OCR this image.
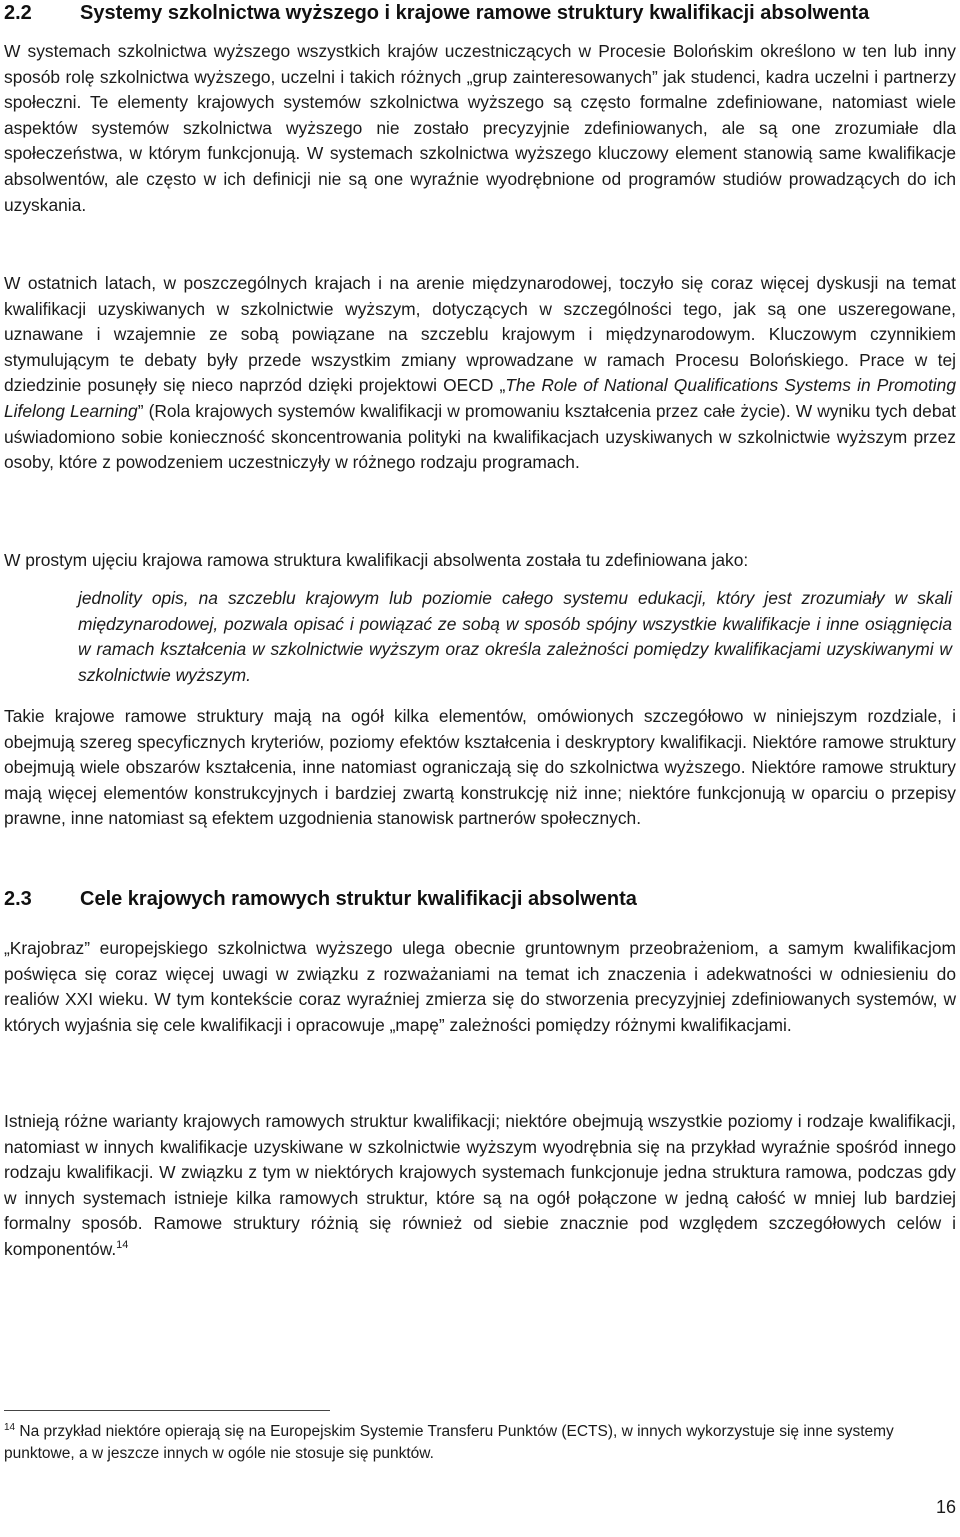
2.2	Systemy szkolnictwa wyższego i krajowe ramowe struktury kwalifikacji absolwenta

W systemach szkolnictwa wyższego wszystkich krajów uczestniczących w Procesie Bolońskim określono w ten lub inny sposób rolę szkolnictwa wyższego, uczelni i takich różnych „grup zainteresowanych” jak studenci, kadra uczelni i partnerzy społeczni. Te elementy krajowych systemów szkolnictwa wyższego są często formalne zdefiniowane, natomiast wiele aspektów systemów szkolnictwa wyższego nie zostało precyzyjnie zdefiniowanych, ale są one zrozumiałe dla społeczeństwa, w którym funkcjonują. W systemach szkolnictwa wyższego kluczowy element stanowią same kwalifikacje absolwentów, ale często w ich definicji nie są one wyraźnie wyodrębnione od programów studiów prowadzących do ich uzyskania.

W ostatnich latach, w poszczególnych krajach i na arenie międzynarodowej, toczyło się coraz więcej dyskusji na temat kwalifikacji uzyskiwanych w szkolnictwie wyższym, dotyczących w szczególności tego, jak są one uszeregowane, uznawane i wzajemnie ze sobą powiązane na szczeblu krajowym i międzynarodowym. Kluczowym czynnikiem stymulującym te debaty były przede wszystkim zmiany wprowadzane w ramach Procesu Bolońskiego. Prace w tej dziedzinie posunęły się nieco naprzód dzięki projektowi OECD „The Role of National Qualifications Systems in Promoting Lifelong Learning” (Rola krajowych systemów kwalifikacji w promowaniu kształcenia przez całe życie). W wyniku tych debat uświadomiono sobie konieczność skoncentrowania polityki na kwalifikacjach uzyskiwanych w szkolnictwie wyższym przez osoby, które z powodzeniem uczestniczyły w różnego rodzaju programach.

W prostym ujęciu krajowa ramowa struktura kwalifikacji absolwenta została tu zdefiniowana jako:

jednolity opis, na szczeblu krajowym lub poziomie całego systemu edukacji, który jest zrozumiały w skali międzynarodowej, pozwala opisać i powiązać ze sobą w sposób spójny wszystkie kwalifikacje i inne osiągnięcia w ramach kształcenia w szkolnictwie wyższym oraz określa zależności pomiędzy kwalifikacjami uzyskiwanymi w szkolnictwie wyższym.

Takie krajowe ramowe struktury mają na ogół kilka elementów, omówionych szczegółowo w niniejszym rozdziale, i obejmują szereg specyficznych kryteriów, poziomy efektów kształcenia i deskryptory kwalifikacji. Niektóre ramowe struktury obejmują wiele obszarów kształcenia, inne natomiast ograniczają się do szkolnictwa wyższego. Niektóre ramowe struktury mają więcej elementów konstrukcyjnych i bardziej zwartą konstrukcję niż inne; niektóre funkcjonują w oparciu o przepisy prawne, inne natomiast są efektem uzgodnienia stanowisk partnerów społecznych.

2.3	Cele krajowych ramowych struktur kwalifikacji absolwenta

„Krajobraz” europejskiego szkolnictwa wyższego ulega obecnie gruntownym przeobrażeniom, a samym kwalifikacjom poświęca się coraz więcej uwagi w związku z rozważaniami na temat ich znaczenia i adekwatności w odniesieniu do realiów XXI wieku. W tym kontekście coraz wyraźniej zmierza się do stworzenia precyzyjniej zdefiniowanych systemów, w których wyjaśnia się cele kwalifikacji i opracowuje „mapę” zależności pomiędzy różnymi kwalifikacjami.

Istnieją różne warianty krajowych ramowych struktur kwalifikacji; niektóre obejmują wszystkie poziomy i rodzaje kwalifikacji, natomiast w innych kwalifikacje uzyskiwane w szkolnictwie wyższym wyodrębnia się na przykład wyraźnie spośród innego rodzaju kwalifikacji. W związku z tym w niektórych krajowych systemach funkcjonuje jedna struktura ramowa, podczas gdy w innych systemach istnieje kilka ramowych struktur, które są na ogół połączone w jedną całość w mniej lub bardziej formalny sposób. Ramowe struktury różnią się również od siebie znacznie pod względem szczegółowych celów i komponentów.$^{14}$

$^{14}$ Na przykład niektóre opierają się na Europejskim Systemie Transferu Punktów (ECTS), w innych wykorzystuje się inne systemy punktowe, a w jeszcze innych w ogóle nie stosuje się punktów.
16
